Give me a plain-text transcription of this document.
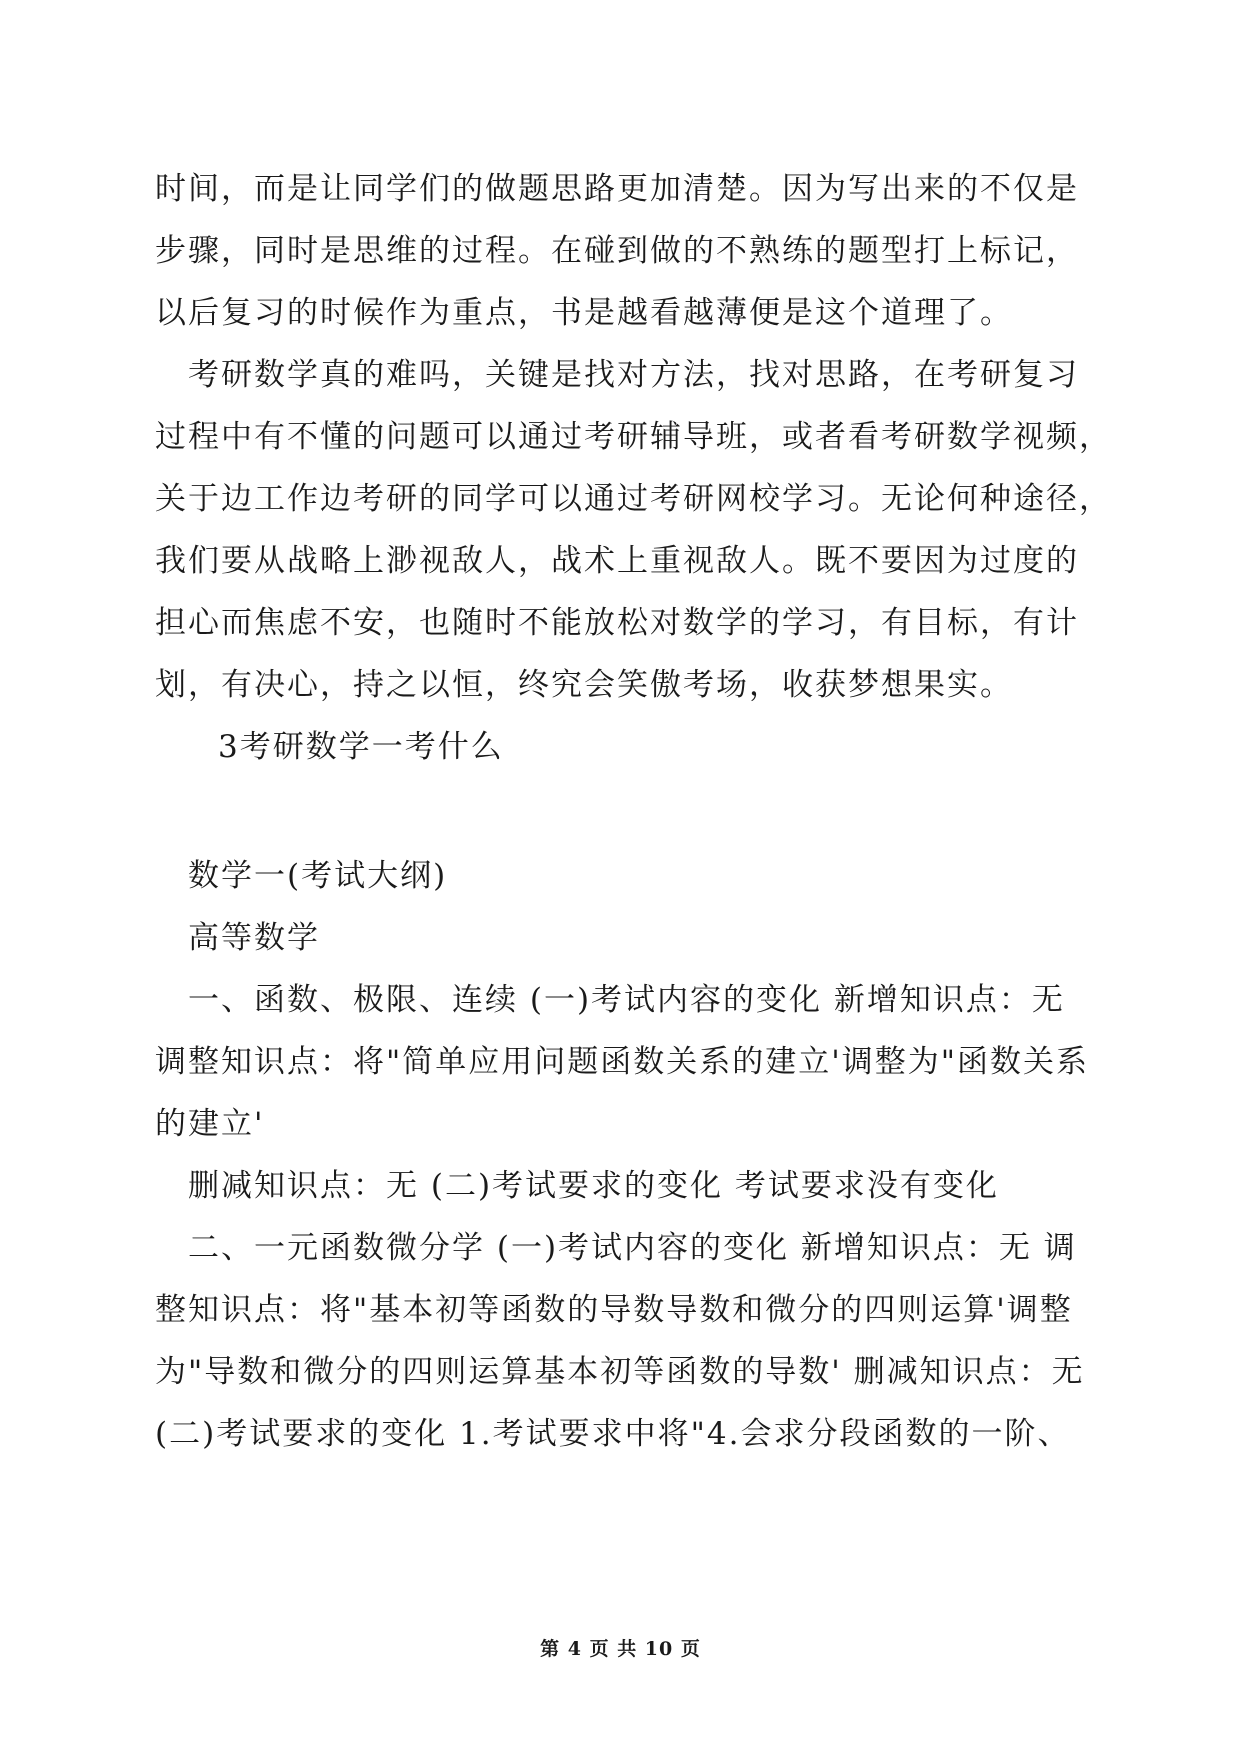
时间，而是让同学们的做题思路更加清楚。因为写出来的不仅是
步骤，同时是思维的过程。在碰到做的不熟练的题型打上标记，
以后复习的时候作为重点，书是越看越薄便是这个道理了。
考研数学真的难吗，关键是找对方法，找对思路，在考研复习
过程中有不懂的问题可以通过考研辅导班，或者看考研数学视频，
关于边工作边考研的同学可以通过考研网校学习。无论何种途径，
我们要从战略上渺视敌人，战术上重视敌人。既不要因为过度的
担心而焦虑不安，也随时不能放松对数学的学习，有目标，有计
划，有决心，持之以恒，终究会笑傲考场，收获梦想果实。
3考研数学一考什么
数学一(考试大纲)
高等数学
一、函数、极限、连续 (一)考试内容的变化 新增知识点：无
调整知识点：将"简单应用问题函数关系的建立'调整为"函数关系
的建立'
删减知识点：无 (二)考试要求的变化 考试要求没有变化
二、一元函数微分学 (一)考试内容的变化 新增知识点：无 调
整知识点：将"基本初等函数的导数导数和微分的四则运算'调整
为"导数和微分的四则运算基本初等函数的导数' 删减知识点：无
(二)考试要求的变化 1.考试要求中将"4.会求分段函数的一阶、
第 4 页 共 10 页
